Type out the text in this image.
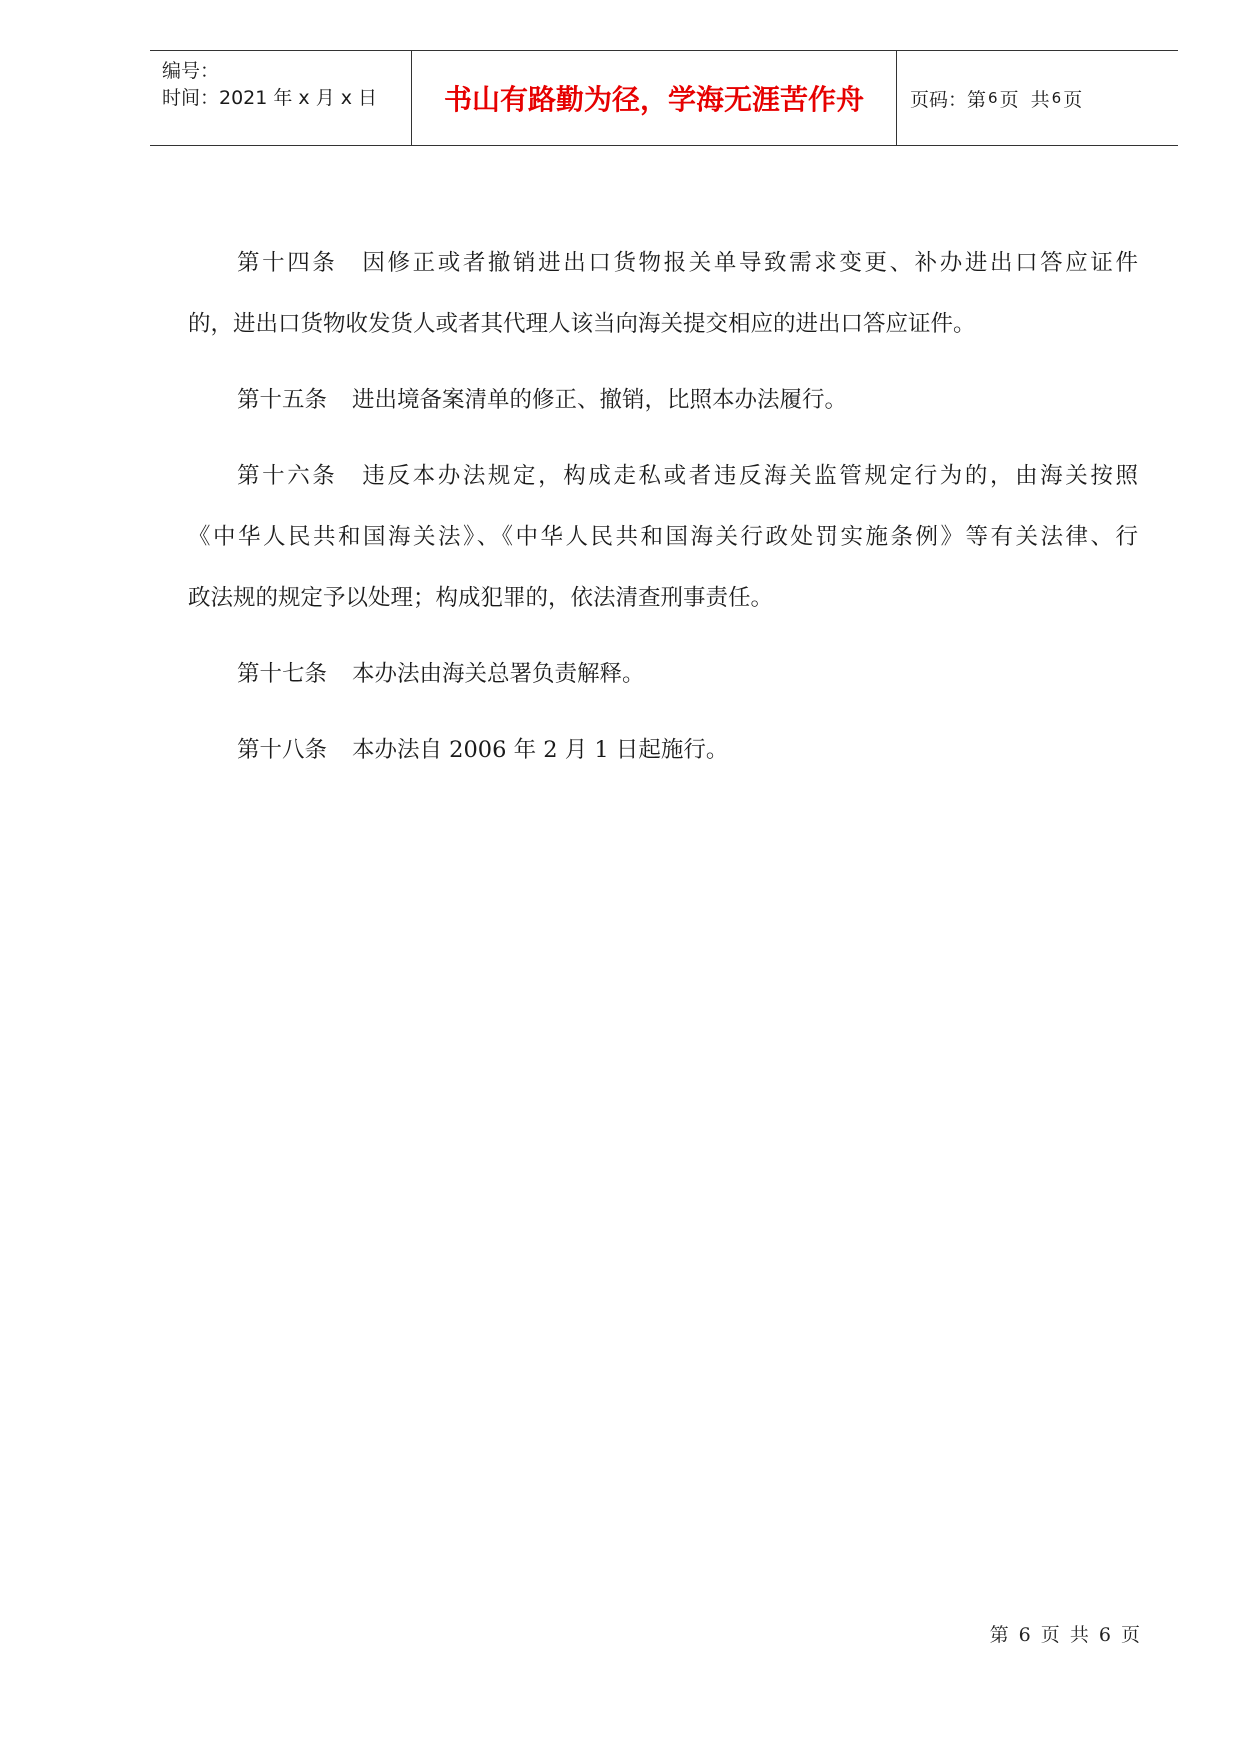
编号：
时间：2021 年 x 月 x 日	书山有路勤为径，学海无涯苦作舟	页码：第 6 页  共 6 页
第十四条 因修正或者撤销进出口货物报关单导致需求变更、补办进出口答应证件
的，进出口货物收发货人或者其代理人该当向海关提交相应的进出口答应证件。
第十五条 进出境备案清单的修正、撤销，比照本办法履行。
第十六条 违反本办法规定，构成走私或者违反海关监管规定行为的，由海关按照
《中华人民共和国海关法》、《中华人民共和国海关行政处罚实施条例》等有关法律、行
政法规的规定予以处理；构成犯罪的，依法清查刑事责任。
第十七条 本办法由海关总署负责解释。
第十八条 本办法自 2006 年 2 月 1 日起施行。
第 6 页 共 6 页
